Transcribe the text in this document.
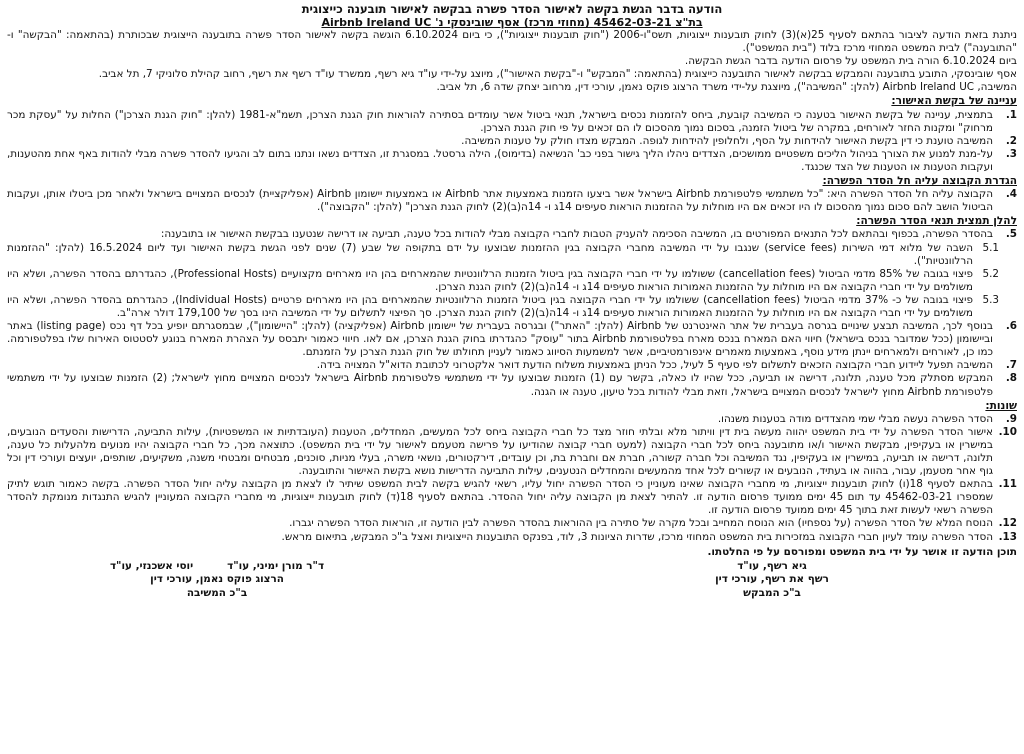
הודעה בדבר הגשת בקשה לאישור הסדר פשרה בבקשה לאישור תובענה כייצוגית
בת"צ 45462-03-21 (מחוזי מרכז) אסף שובינסקי נ' Airbnb Ireland UC

ניתנת בזאת הודעה לציבור בהתאם לסעיף 25(א)(3) לחוק תובענות ייצוגיות, תשס"ו-2006 ("חוק תובענות ייצוגיות"), כי ביום 6.10.2024 הוגשה בקשה לאישור הסדר פשרה בתובענה הייצוגית שבכותרת (בהתאמה: "הבקשה" ו-"התובענה") לבית המשפט המחוזי מרכז בלוד ("בית המשפט").

ביום 6.10.2024 הורה בית המשפט על פרסום הודעה בדבר הגשת הבקשה.

אסף שובינסקי, התובע בתובענה והמבקש בבקשה לאישור התובענה כייצוגית (בהתאמה: "המבקש" ו-"בקשת האישור"), מיוצג על-ידי עו"ד גיא רשף, ממשרד עו"ד רשף את רשף, רחוב קהילת סלוניקי 7, תל אביב.

המשיבה, Airbnb Ireland UC (להלן: "המשיבה"), מיוצגת על-ידי משרד הרצוג פוקס נאמן, עורכי דין, מרחוב יצחק שדה 6, תל אביב.

עניינה של בקשת האישור:
1.
בתמצית, עניינה של בקשת האישור בטענה כי המשיבה קובעת, ביחס להזמנות נכסים בישראל, תנאי ביטול אשר עומדים בסתירה להוראות חוק הגנת הצרכן, תשמ"א-1981 (להלן: "חוק הגנת הצרכן") החלות על "עסקת מכר מרחוק" ומקנות החזר לאורחים, במקרה של ביטול הזמנה, בסכום נמוך מהסכום לו הם זכאים על פי חוק הגנת הצרכן.
2.
המשיבה טוענת כי דין בקשת האישור להידחות על הסף, ולחלופין להידחות לגופה. המבקש מצדו חולק על טענות המשיבה.
3.
על-מנת למנוע את הצורך בניהול הליכים משפטיים ממושכים, הצדדים ניהלו הליך גישור בפני כב' הנשיאה (בדימוס), הילה גרסטל. במסגרת זו, הצדדים נשאו ונתנו בתום לב והגיעו להסדר פשרה מבלי להודות באף אחת מהטענות, ועקבות הטענות או הטענות של הצד שכנגד.
הגדרת הקבוצה עליה חל הסדר הפשרה:
4.
הקבוצה עליה חל הסדר הפשרה היא: "כל משתמשי פלטפורמת Airbnb בישראל אשר ביצעו הזמנות באמצעות אתר Airbnb או באמצעות יישומון Airbnb (אפליקציית) לנכסים המצויים בישראל ולאחר מכן ביטלו אותן, ועקבות הביטול הושב להם סכום נמוך מהסכום לו היו זכאים אם היו מוחלות על ההזמנות הוראות סעיפים 14ג ו- 14ה(ב)(2) לחוק הגנת הצרכן" (להלן: "הקבוצה").
להלן תמצית תנאי הסדר הפשרה:
5.
בהסדר הפשרה, בכפוף ובהתאם לכל התנאים המפורטים בו, המשיבה הסכימה להעניק הטבות לחברי הקבוצה מבלי להודות בכל טענה, תביעה או דרישה שנטענו בבקשת האישור או בתובענה:
5.1
השבה של מלוא דמי השירות (service fees) שנגבו על ידי המשיבה מחברי הקבוצה בגין ההזמנות שבוצעו על ידם בתקופה של שבע (7) שנים לפני הגשת בקשת האישור ועד ליום 16.5.2024 (להלן: "ההזמנות הרלוונטיות").
5.2
פיצוי בגובה של 85% מדמי הביטול (cancellation fees) ששולמו על ידי חברי הקבוצה בגין ביטול הזמנות הרלוונטיות שהמארחים בהן היו מארחים מקצועיים (Professional Hosts), כהגדרתם בהסדר הפשרה, ושלא היו משולמים על ידי חברי הקבוצה אם היו מוחלות על ההזמנות האמורות הוראות סעיפים 14ג ו- 14ה(ב)(2) לחוק הגנת הצרכן.
5.3
פיצוי בגובה של כ- 37% מדמי הביטול (cancellation fees) ששולמו על ידי חברי הקבוצה בגין ביטול הזמנות הרלוונטיות שהמארחים בהן היו מארחים פרטיים (Individual Hosts), כהגדרתם בהסדר הפשרה, ושלא היו משולמים על ידי חברי הקבוצה אם היו מוחלות על ההזמנות האמורות הוראות סעיפים 14ג ו- 14ה(ב)(2) לחוק הגנת הצרכן. סך הפיצוי לתשלום על ידי המשיבה הינו בסך של 179,100 דולר ארה"ב.
6.
בנוסף לכך, המשיבה תבצע שינויים בגרסה בעברית של אתר האינטרנט של Airbnb (להלן: "האתר") ובגרסה בעברית של יישומון Airbnb (אפליקציה) (להלן: "היישומון"), שבמסגרתם יופיע בכל דף נכס (listing page) באתר וביישומון (ככל שמדובר בנכס בישראל) חיווי האם המארח בנכס מארח בפלטפורמת Airbnb בתור "עוסק" כהגדרתו בחוק הגנת הצרכן, אם לאו. חיווי כאמור יתבסס על הצהרת המארח בנוגע לסטטוס האירוח שלו בפלטפורמה. כמו כן, לאורחים ולמארחים יינתן מידע נוסף, באמצעות מאמרים אינפורמטיביים, אשר למשמעות הסיווג כאמור לעניין תחולתו של חוק הגנת הצרכן על הזמנתם.
7.
המשיבה תפעל ליידוע חברי הקבוצה הזכאים לתשלום לפי סעיף 5 לעיל, ככל הניתן באמצעות משלוח הודעת דואר אלקטרוני לכתובת הדוא"ל המצויה בידה.
8.
המבקש מסתלק מכל טענה, תלונה, דרישה או תביעה, ככל שהיו לו כאלה, בקשר עם (1) הזמנות שבוצעו על ידי משתמשי פלטפורמת Airbnb בישראל לנכסים המצויים מחוץ לישראל; (2) הזמנות שבוצעו על ידי משתמשי פלטפורמת Airbnb מחוץ לישראל לנכסים המצויים בישראל, וזאת מבלי להודות בכל טיעון, טענה או הגנה.
שונות:
9.
הסדר הפשרה נעשה מבלי שמי מהצדדים מודה בטענות משנהו.
10.
אישור הסדר הפשרה על ידי בית המשפט יהווה מעשה בית דין וויתור מלא ובלתי חוזר מצד כל חברי הקבוצה ביחס לכל המעשים, המחדלים, הטענות (העובדתיות או המשפטיות), עילות התביעה, הדרישות והסעדים הנובעים, במישרין או בעקיפין, מבקשת האישור ו/או מתובענה ביחס לכל חברי הקבוצה (למעט חברי קבוצה שהודיעו על פרישה מטעמם לאישור על ידי בית המשפט). כתוצאה מכך, כל חברי הקבוצה יהיו מנועים מלהעלות כל טענה, תלונה, דרישה או תביעה, במישרין או בעקיפין, נגד המשיבה וכל חברה קשורה, חברת אם וחברת בת, וכן עובדים, דירקטורים, נושאי משרה, בעלי מניות, סוכנים, מבטחים ומבטחי משנה, משקיעים, שותפים, יועצים ועורכי דין וכל גוף אחר מטעמן, עבור, בהווה או בעתיד, הנובעים או קשורים לכל אחד מהמעשים והמחדלים הנטענים, עילות התביעה הדרישות נושא בקשת האישור והתובענה.
11.
בהתאם לסעיף 18(ו) לחוק תובענות ייצוגיות, מי מחברי הקבוצה שאינו מעוניין כי הסדר הפשרה יחול עליו, רשאי להגיש בקשה לבית המשפט שיתיר לו לצאת מן הקבוצה עליה יחול הסדר הפשרה. בקשה כאמור תוגש לתיק שמספרו 45462-03-21 עד תום 45 ימים ממועד פרסום הודעה זו. להתיר לצאת מן הקבוצה עליה יחול ההסדר. בהתאם לסעיף 18(ד) לחוק תובענות ייצוגיות, מי מחברי הקבוצה המעוניין להגיש התנגדות מנומקת להסדר הפשרה רשאי לעשות זאת בתוך 45 ימים ממועד פרסום הודעה זו.
12.
הנוסח המלא של הסדר הפשרה (על נספחיו) הוא הנוסח המחייב ובכל מקרה של סתירה בין ההוראות בהסדר הפשרה לבין הודעה זו, הוראות הסדר הפשרה יגברו.
13.
הסדר הפשרה עומד לעיון חברי הקבוצה במזכירות בית המשפט המחוזי מרכז, שדרות הציונות 3, לוד, בפנקס התובענות הייצוגיות ואצל ב"כ המבקש, בתיאום מראש.
תוכן הודעה זו אושר על ידי בית המשפט ומפורסם על פי החלטתו.
גיא רשף, עו"ד
רשף את רשף, עורכי דין
ב"כ המבקש
ד"ר מורן ימיני, עו"ד
יוסי אשכנזי, עו"ד
הרצוג פוקס נאמן, עורכי דין
ב"כ המשיבה
